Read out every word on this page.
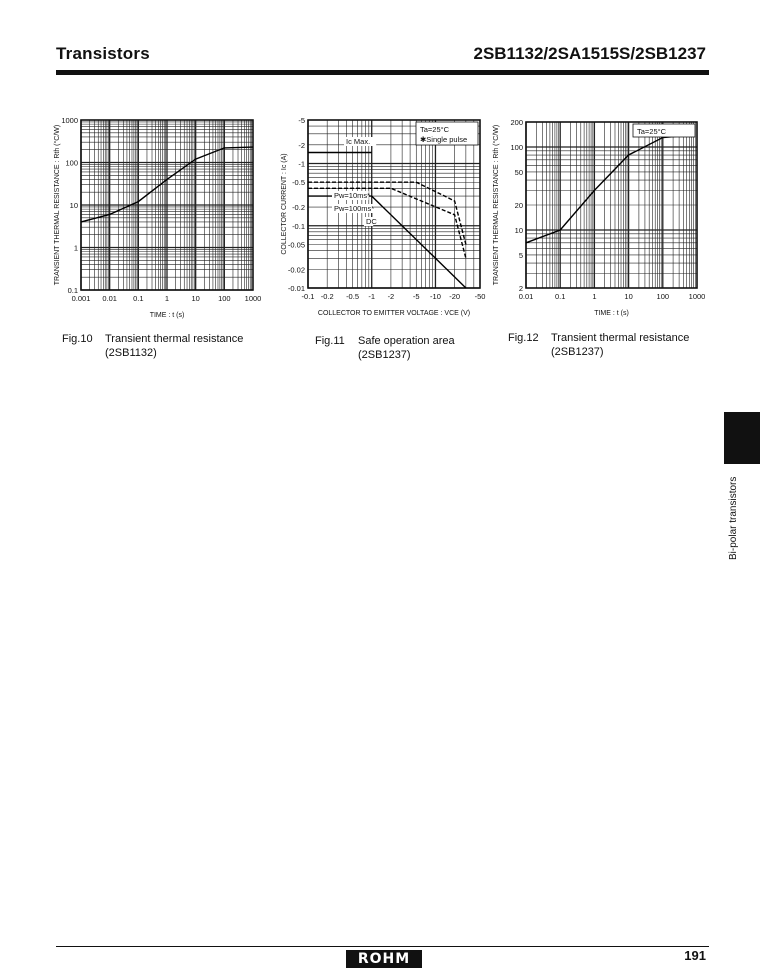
Transistors	2SB1132/2SA1515S/2SB1237
1000
100
10
1
0.1
0.001 0.01 0.1	1	10 100 1000
TIME : t (s)
TRANSIENT THERMAL RESISTANCE : Rth (°C/W)
Fig.10 Transient thermal resistance
(2SB1132)
-5
-2
-1
-0.5
-0.2
-0.1
-0.05
-0.02
-0.01
-0.1 -0.2 -0.5 -1 -2 -5 -10 -20 -50
COLLECTOR TO EMITTER VOLTAGE : VCE (V)
COLLECTOR CURRENT : Ic (A)
Ta=25°C
✱Single pulse
Ic Max.
Pw=10ms*
Pw=100ms*
DC
Fig.11 Safe operation area
(2SB1237)
200
100
50
20
10
5
2
0.01	0.1	1	10	100	1000
TIME : t (s)
TRANSIENT THERMAL RESISTANCE : Rth (°C/W)	Ta=25°C
Fig.12 Transient thermal resistance
(2SB1237)
Bi-polar transistors
ROHM	191
